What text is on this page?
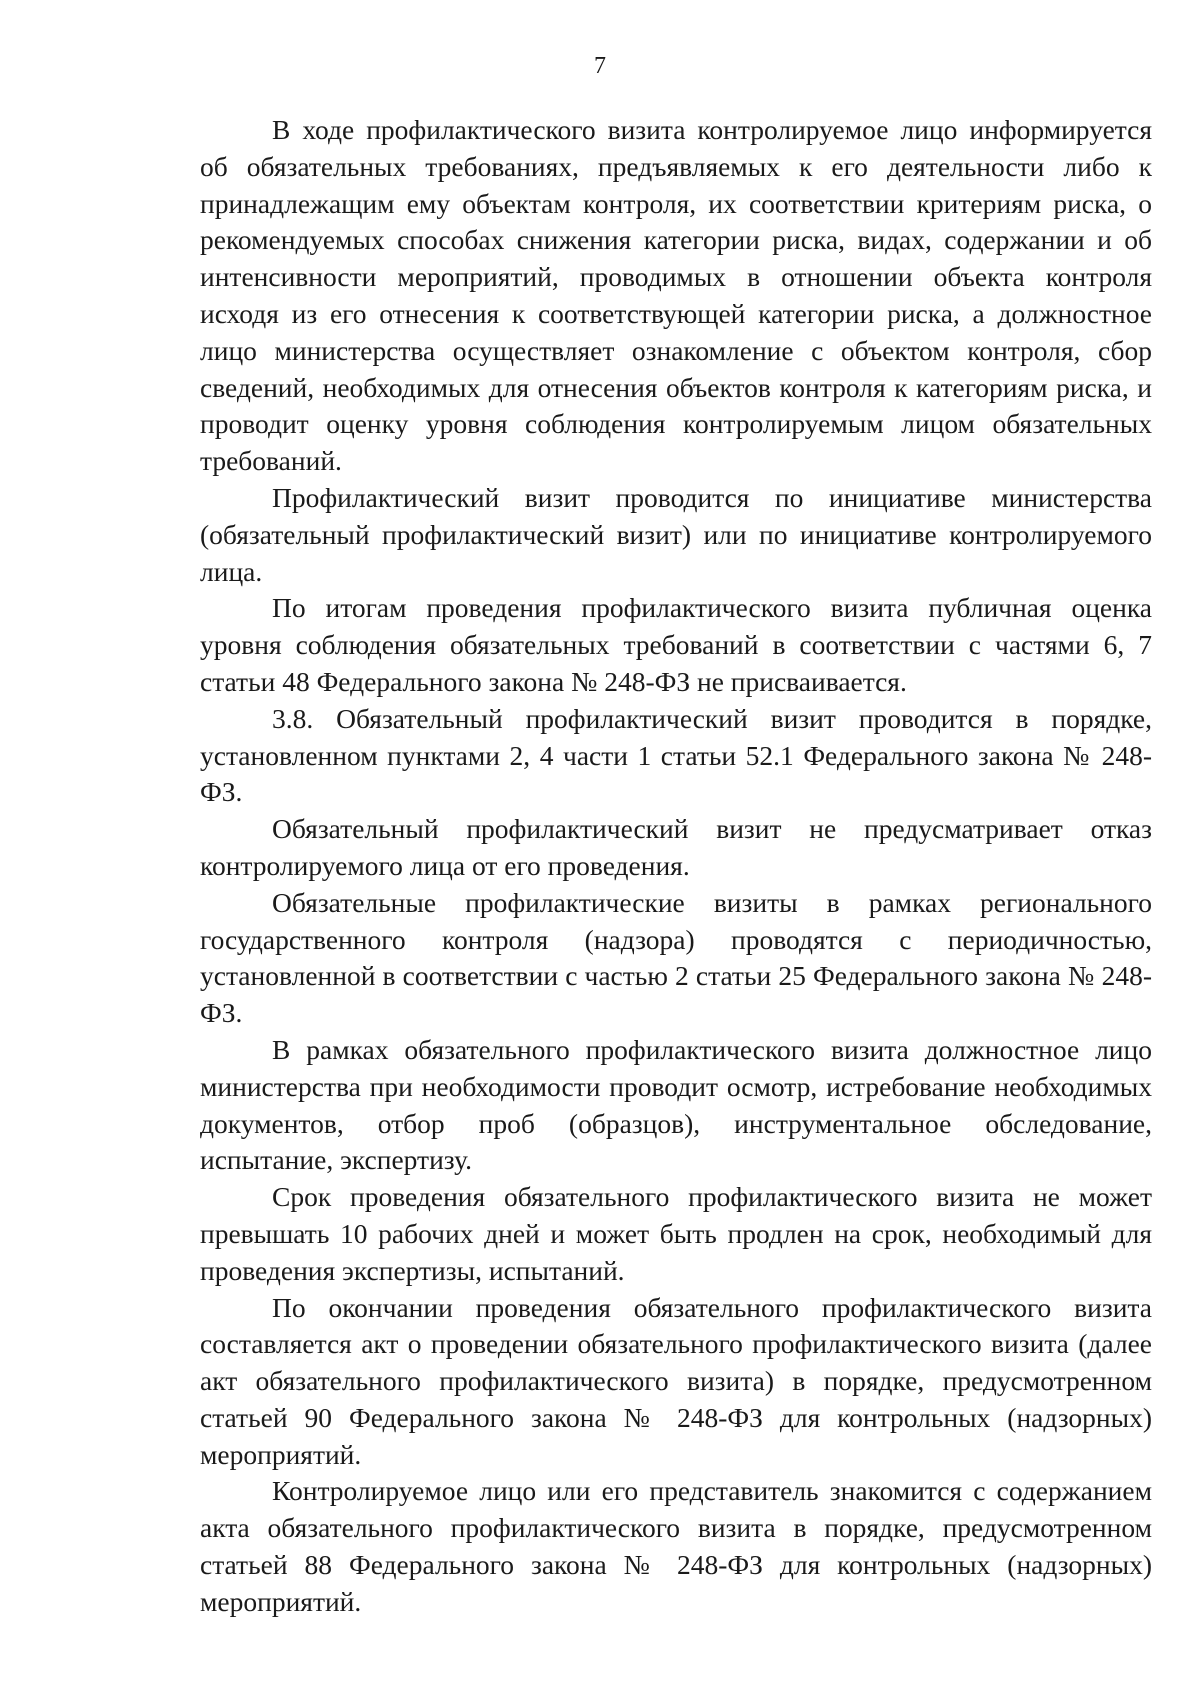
7

В ходе профилактического визита контролируемое лицо информируется об обязательных требованиях, предъявляемых к его деятельности либо к принадлежащим ему объектам контроля, их соответствии критериям риска, о рекомендуемых способах снижения категории риска, видах, содержании и об интенсивности мероприятий, проводимых в отношении объекта контроля исходя из его отнесения к соответствующей категории риска, а должностное лицо министерства осуществляет ознакомление с объектом контроля, сбор сведений, необходимых для отнесения объектов контроля к категориям риска, и проводит оценку уровня соблюдения контролируемым лицом обязательных требований.

Профилактический визит проводится по инициативе министерства (обязательный профилактический визит) или по инициативе контролируемого лица.

По итогам проведения профилактического визита публичная оценка уровня соблюдения обязательных требований в соответствии с частями 6, 7 статьи 48 Федерального закона № 248-ФЗ не присваивается.

3.8. Обязательный профилактический визит проводится в порядке, установленном пунктами 2, 4 части 1 статьи 52.1 Федерального закона № 248-ФЗ.

Обязательный профилактический визит не предусматривает отказ контролируемого лица от его проведения.

Обязательные профилактические визиты в рамках регионального государственного контроля (надзора) проводятся с периодичностью, установленной в соответствии с частью 2 статьи 25 Федерального закона № 248-ФЗ.

В рамках обязательного профилактического визита должностное лицо министерства при необходимости проводит осмотр, истребование необходимых документов, отбор проб (образцов), инструментальное обследование, испытание, экспертизу.

Срок проведения обязательного профилактического визита не может превышать 10 рабочих дней и может быть продлен на срок, необходимый для проведения экспертизы, испытаний.

По окончании проведения обязательного профилактического визита составляется акт о проведении обязательного профилактического визита (далее акт обязательного профилактического визита) в порядке, предусмотренном статьей 90 Федерального закона № 248-ФЗ для контрольных (надзорных) мероприятий.

Контролируемое лицо или его представитель знакомится с содержанием акта обязательного профилактического визита в порядке, предусмотренном статьей 88 Федерального закона № 248-ФЗ для контрольных (надзорных) мероприятий.
